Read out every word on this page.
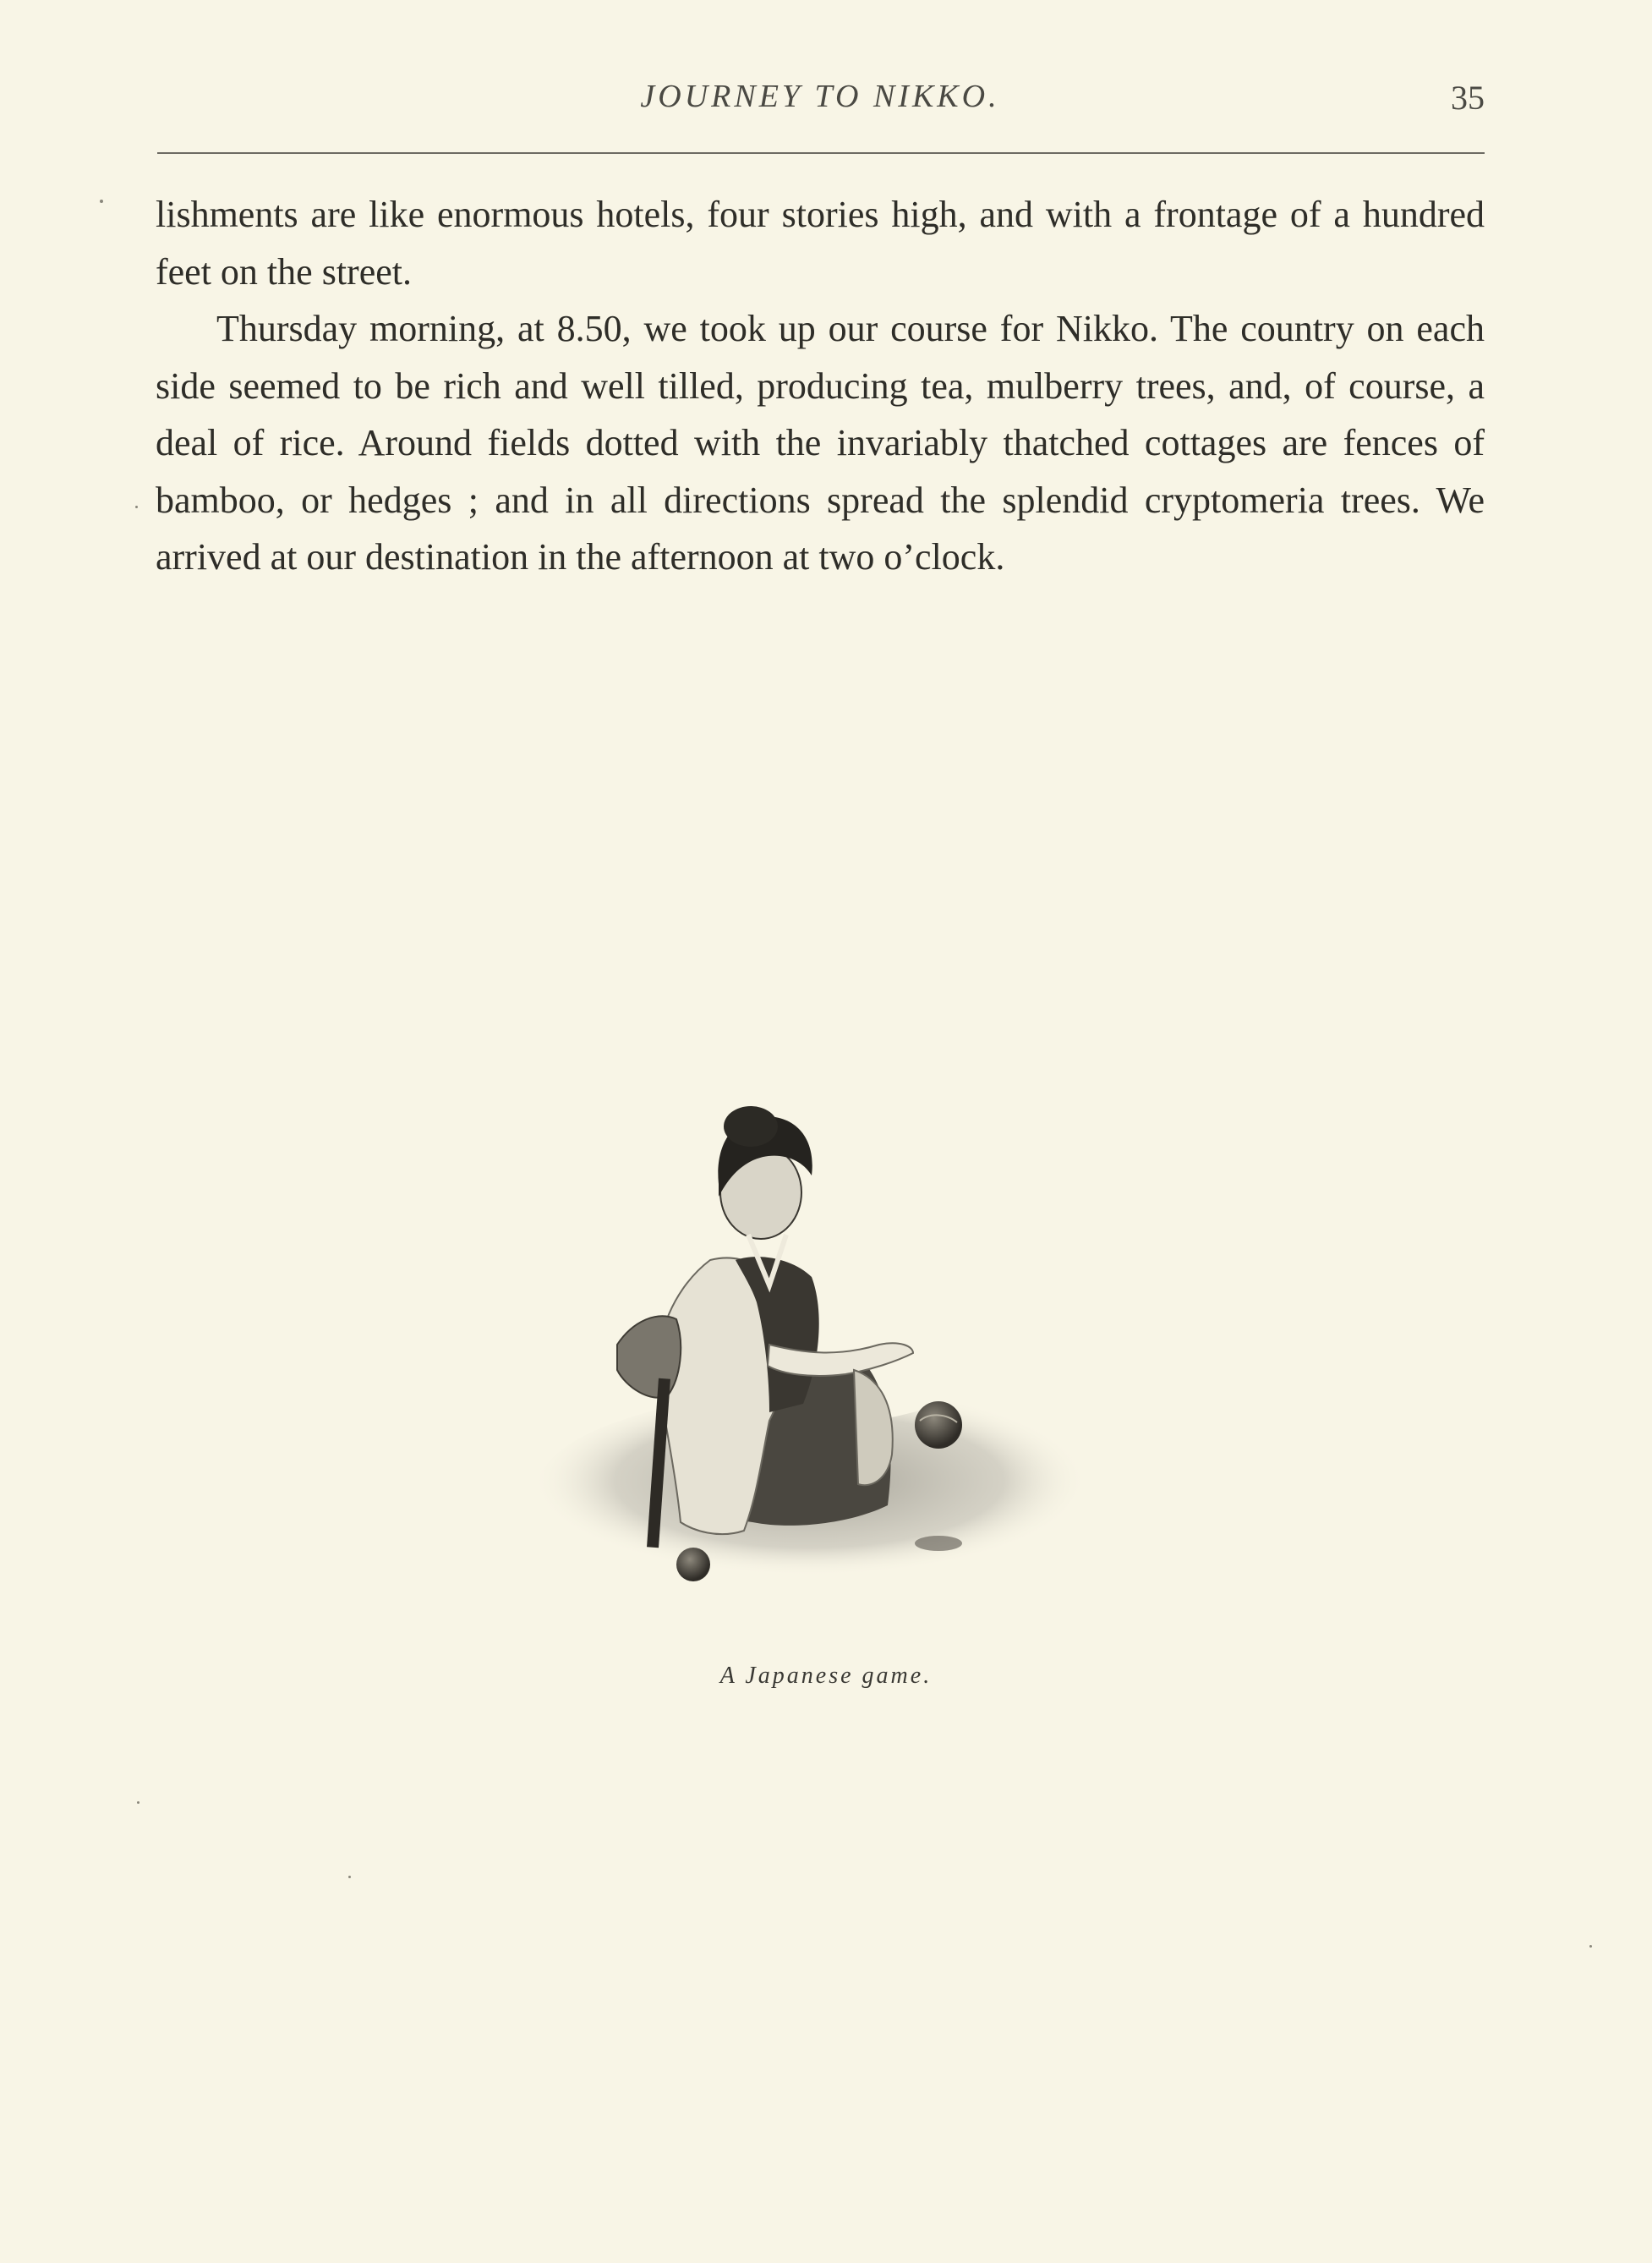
JOURNEY TO NIKKO.	35

lishments are like enormous hotels, four stories high, and with a frontage of a hundred feet on the street.

Thursday morning, at 8.50, we took up our course for Nikko. The country on each side seemed to be rich and well tilled, producing tea, mulberry trees, and, of course, a deal of rice. Around fields dotted with the invariably thatched cottages are fences of bamboo, or hedges ; and in all directions spread the splendid cryptomeria trees. We arrived at our destination in the afternoon at two o’clock.

A Japanese game.
